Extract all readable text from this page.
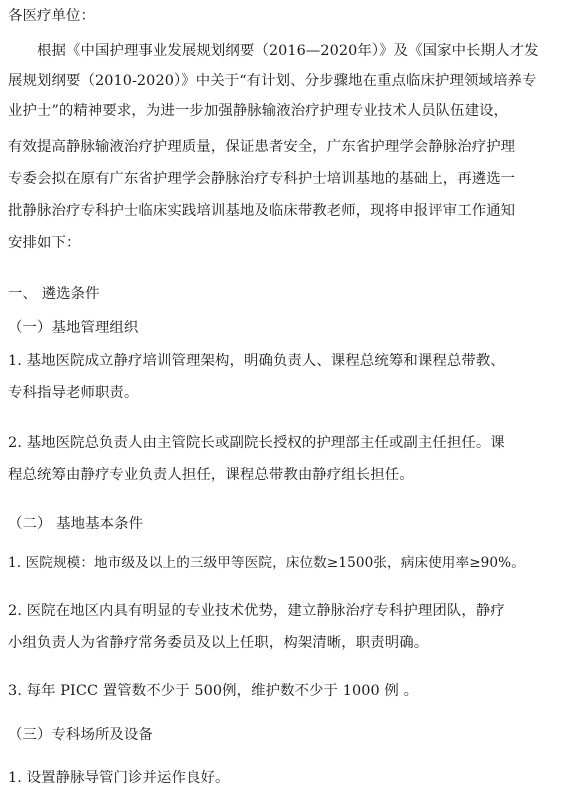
各医疗单位：
根据《中国护理事业发展规划纲要（2016—2020年）》及《国家中长期人才发
展规划纲要（2010-2020）》中关于“有计划、分步骤地在重点临床护理领域培养专
业护士”的精神要求，为进一步加强静脉输液治疗护理专业技术人员队伍建设，
有效提高静脉输液治疗护理质量，保证患者安全，广东省护理学会静脉治疗护理
专委会拟在原有广东省护理学会静脉治疗专科护士培训基地的基础上，再遴选一
批静脉治疗专科护士临床实践培训基地及临床带教老师，现将申报评审工作通知
安排如下：
一、 遴选条件
（一）基地管理组织
1. 基地医院成立静疗培训管理架构，明确负责人、课程总统筹和课程总带教、
专科指导老师职责。
2. 基地医院总负责人由主管院长或副院长授权的护理部主任或副主任担任。课
程总统筹由静疗专业负责人担任，课程总带教由静疗组长担任。
（二） 基地基本条件
1. 医院规模：地市级及以上的三级甲等医院，床位数≥1500张，病床使用率≥90%。
2. 医院在地区内具有明显的专业技术优势，建立静脉治疗专科护理团队，静疗
小组负责人为省静疗常务委员及以上任职，构架清晰，职责明确。
3. 每年 PICC 置管数不少于 500例，维护数不少于 1000 例 。
（三）专科场所及设备
1. 设置静脉导管门诊并运作良好。
